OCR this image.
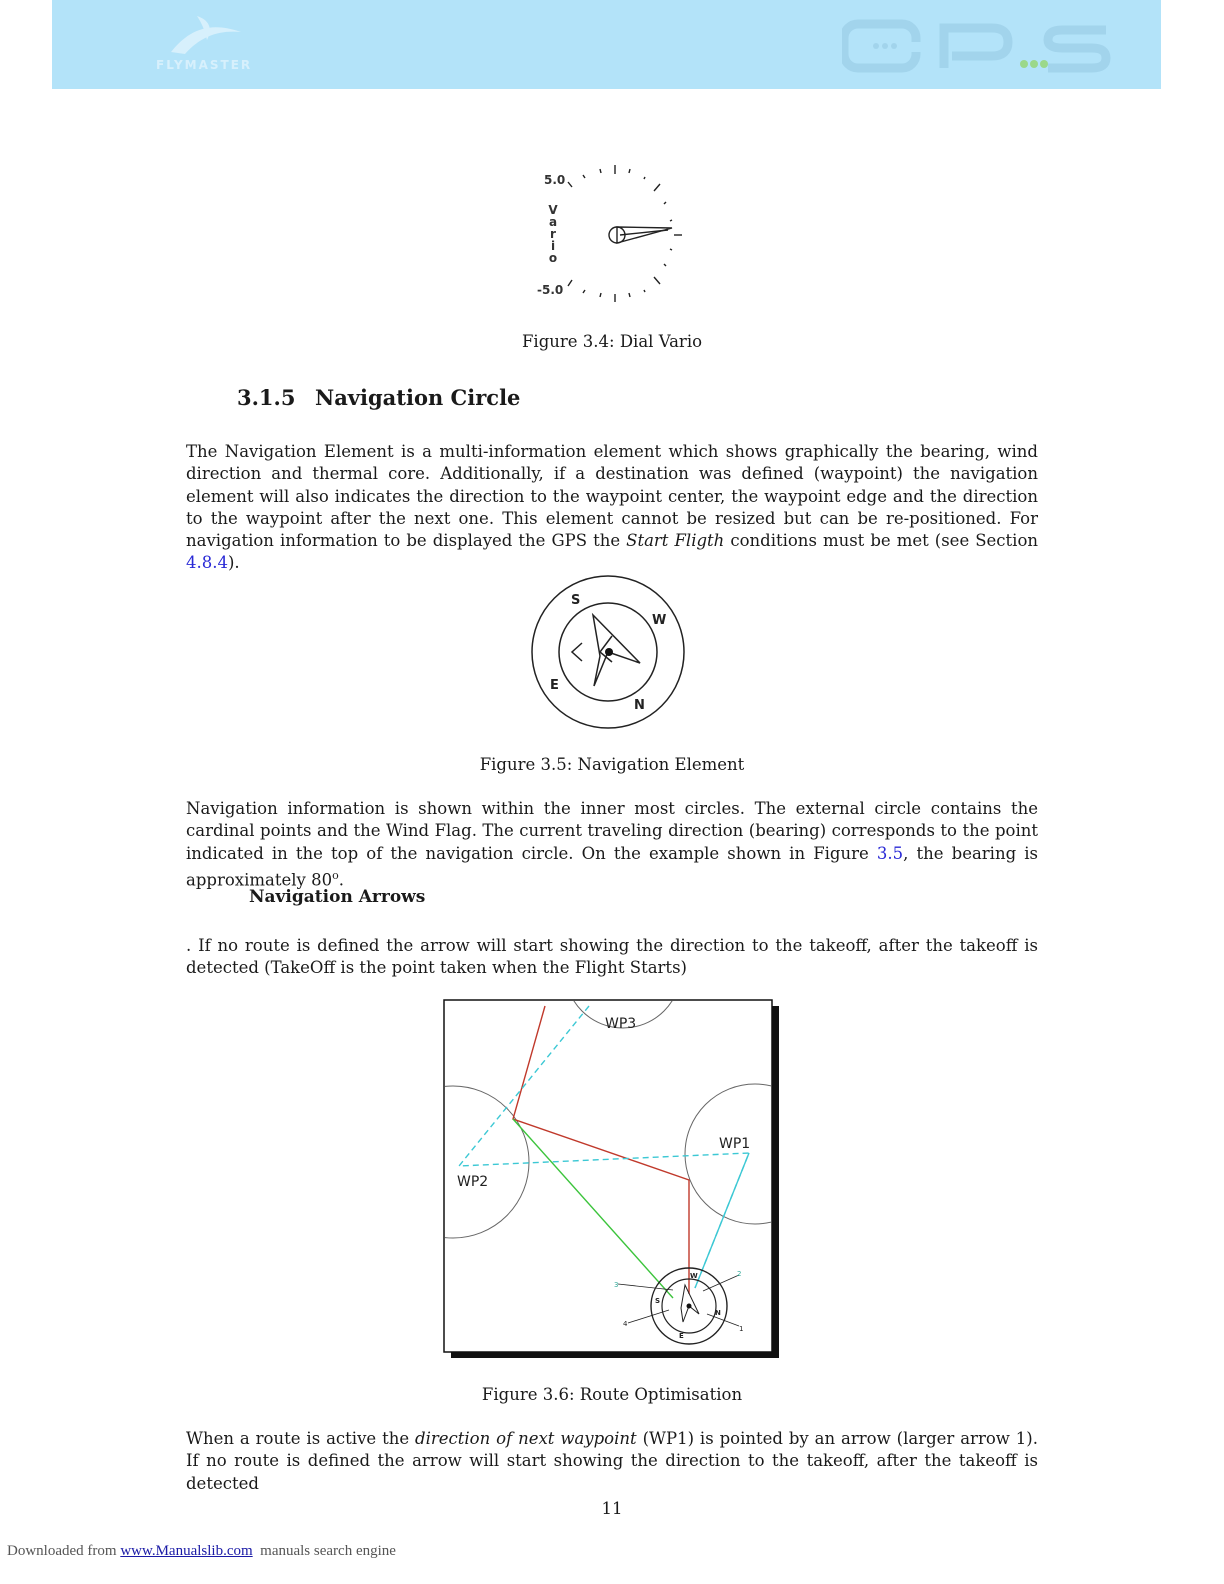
FLYMASTER
5.0
-5.0
V
a
r
i
o
Figure 3.4: Dial Vario
3.1.5 Navigation Circle
The Navigation Element is a multi-information element which shows graphically the bearing, wind direction and thermal core. Additionally, if a destination was defined (waypoint) the navigation element will also indicates the direction to the waypoint center, the waypoint edge and the direction to the waypoint after the next one. This element cannot be resized but can be re-positioned. For navigation information to be displayed the GPS the Start Fligth conditions must be met (see Section 4.8.4).
S
W
E
N
Figure 3.5: Navigation Element
Navigation information is shown within the inner most circles. The external circle contains the cardinal points and the Wind Flag. The current traveling direction (bearing) corresponds to the point indicated in the top of the navigation circle. On the example shown in Figure 3.5, the bearing is approximately 80$^o$.
Navigation Arrows
. If no route is defined the arrow will start showing the direction to the takeoff, after the takeoff is detected (TakeOff is the point taken when the Flight Starts)
WP3
WP1
WP2
W
S
N
E
3
2
4
1
Figure 3.6: Route Optimisation
When a route is active the direction of next waypoint (WP1) is pointed by an arrow (larger arrow 1). If no route is defined the arrow will start showing the direction to the takeoff, after the takeoff is detected
11
Downloaded from www.Manualslib.com  manuals search engine
